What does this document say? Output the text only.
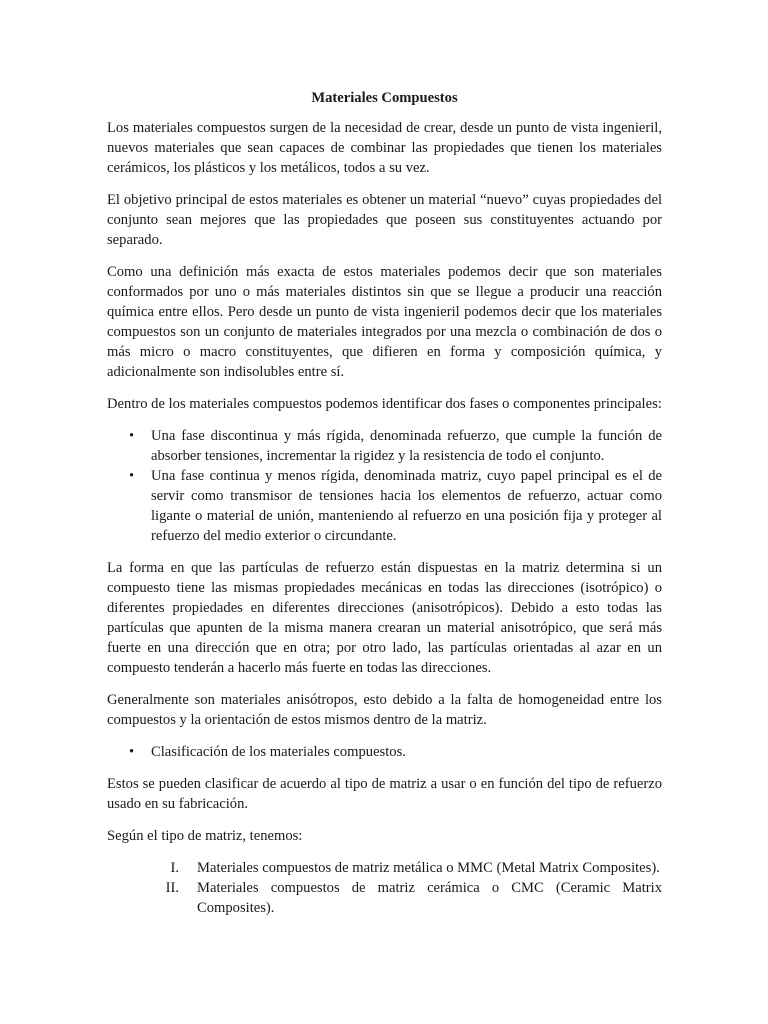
Materiales Compuestos

Los materiales compuestos surgen de la necesidad de crear, desde un punto de vista ingenieril, nuevos materiales que sean capaces de combinar las propiedades que tienen los materiales cerámicos, los plásticos y los metálicos, todos a su vez.

El objetivo principal de estos materiales es obtener un material “nuevo” cuyas propiedades del conjunto sean mejores que las propiedades que poseen sus constituyentes actuando por separado.

Como una definición más exacta de estos materiales podemos decir que son materiales conformados por uno o más materiales distintos sin que se llegue a producir una reacción química entre ellos. Pero desde un punto de vista ingenieril podemos decir que los materiales compuestos son un conjunto de materiales integrados por una mezcla o combinación de dos o más micro o macro constituyentes, que difieren en forma y composición química, y adicionalmente son indisolubles entre sí.

Dentro de los materiales compuestos podemos identificar dos fases o componentes principales:

• Una fase discontinua y más rígida, denominada refuerzo, que cumple la función de absorber tensiones, incrementar la rigidez y la resistencia de todo el conjunto.
• Una fase continua y menos rígida, denominada matriz, cuyo papel principal es el de servir como transmisor de tensiones hacia los elementos de refuerzo, actuar como ligante o material de unión, manteniendo al refuerzo en una posición fija y proteger al refuerzo del medio exterior o circundante.

La forma en que las partículas de refuerzo están dispuestas en la matriz determina si un compuesto tiene las mismas propiedades mecánicas en todas las direcciones (isotrópico) o diferentes propiedades en diferentes direcciones (anisotrópicos). Debido a esto todas las partículas que apunten de la misma manera crearan un material anisotrópico, que será más fuerte en una dirección que en otra; por otro lado, las partículas orientadas al azar en un compuesto tenderán a hacerlo más fuerte en todas las direcciones.

Generalmente son materiales anisótropos, esto debido a la falta de homogeneidad entre los compuestos y la orientación de estos mismos dentro de la matriz.

• Clasificación de los materiales compuestos.

Estos se pueden clasificar de acuerdo al tipo de matriz a usar o en función del tipo de refuerzo usado en su fabricación.

Según el tipo de matriz, tenemos:

I. Materiales compuestos de matriz metálica o MMC (Metal Matrix Composites).
II. Materiales compuestos de matriz cerámica o CMC (Ceramic Matrix Composites).
